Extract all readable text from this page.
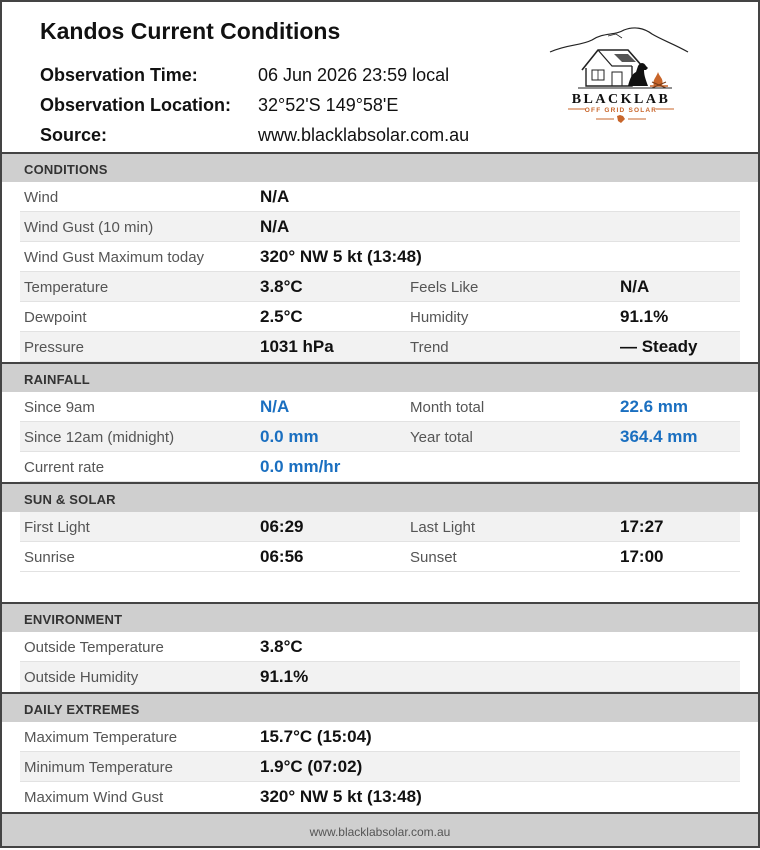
Kandos Current Conditions
Observation Time:	06 Jun 2026 23:59 local
Observation Location: 32°52'S 149°58'E
Source:	www.blacklabsolar.com.au
BLACKLAB
OFF GRID SOLAR
CONDITIONS
Wind	N/A
Wind Gust (10 min)	N/A
Wind Gust Maximum today	320° NW 5 kt (13:48)
Temperature	3.8°C	Feels Like	N/A
Dewpoint	2.5°C	Humidity	91.1%
Pressure	1031 hPa	Trend	— Steady
RAINFALL
Since 9am	N/A	Month total	22.6 mm
Since 12am (midnight)	0.0 mm	Year total	364.4 mm
Current rate	0.0 mm/hr
SUN & SOLAR
First Light	06:29	Last Light	17:27
Sunrise	06:56	Sunset	17:00
ENVIRONMENT
Outside Temperature	3.8°C
Outside Humidity	91.1%
DAILY EXTREMES
Maximum Temperature	15.7°C (15:04)
Minimum Temperature	1.9°C (07:02)
Maximum Wind Gust	320° NW 5 kt (13:48)
www.blacklabsolar.com.au
